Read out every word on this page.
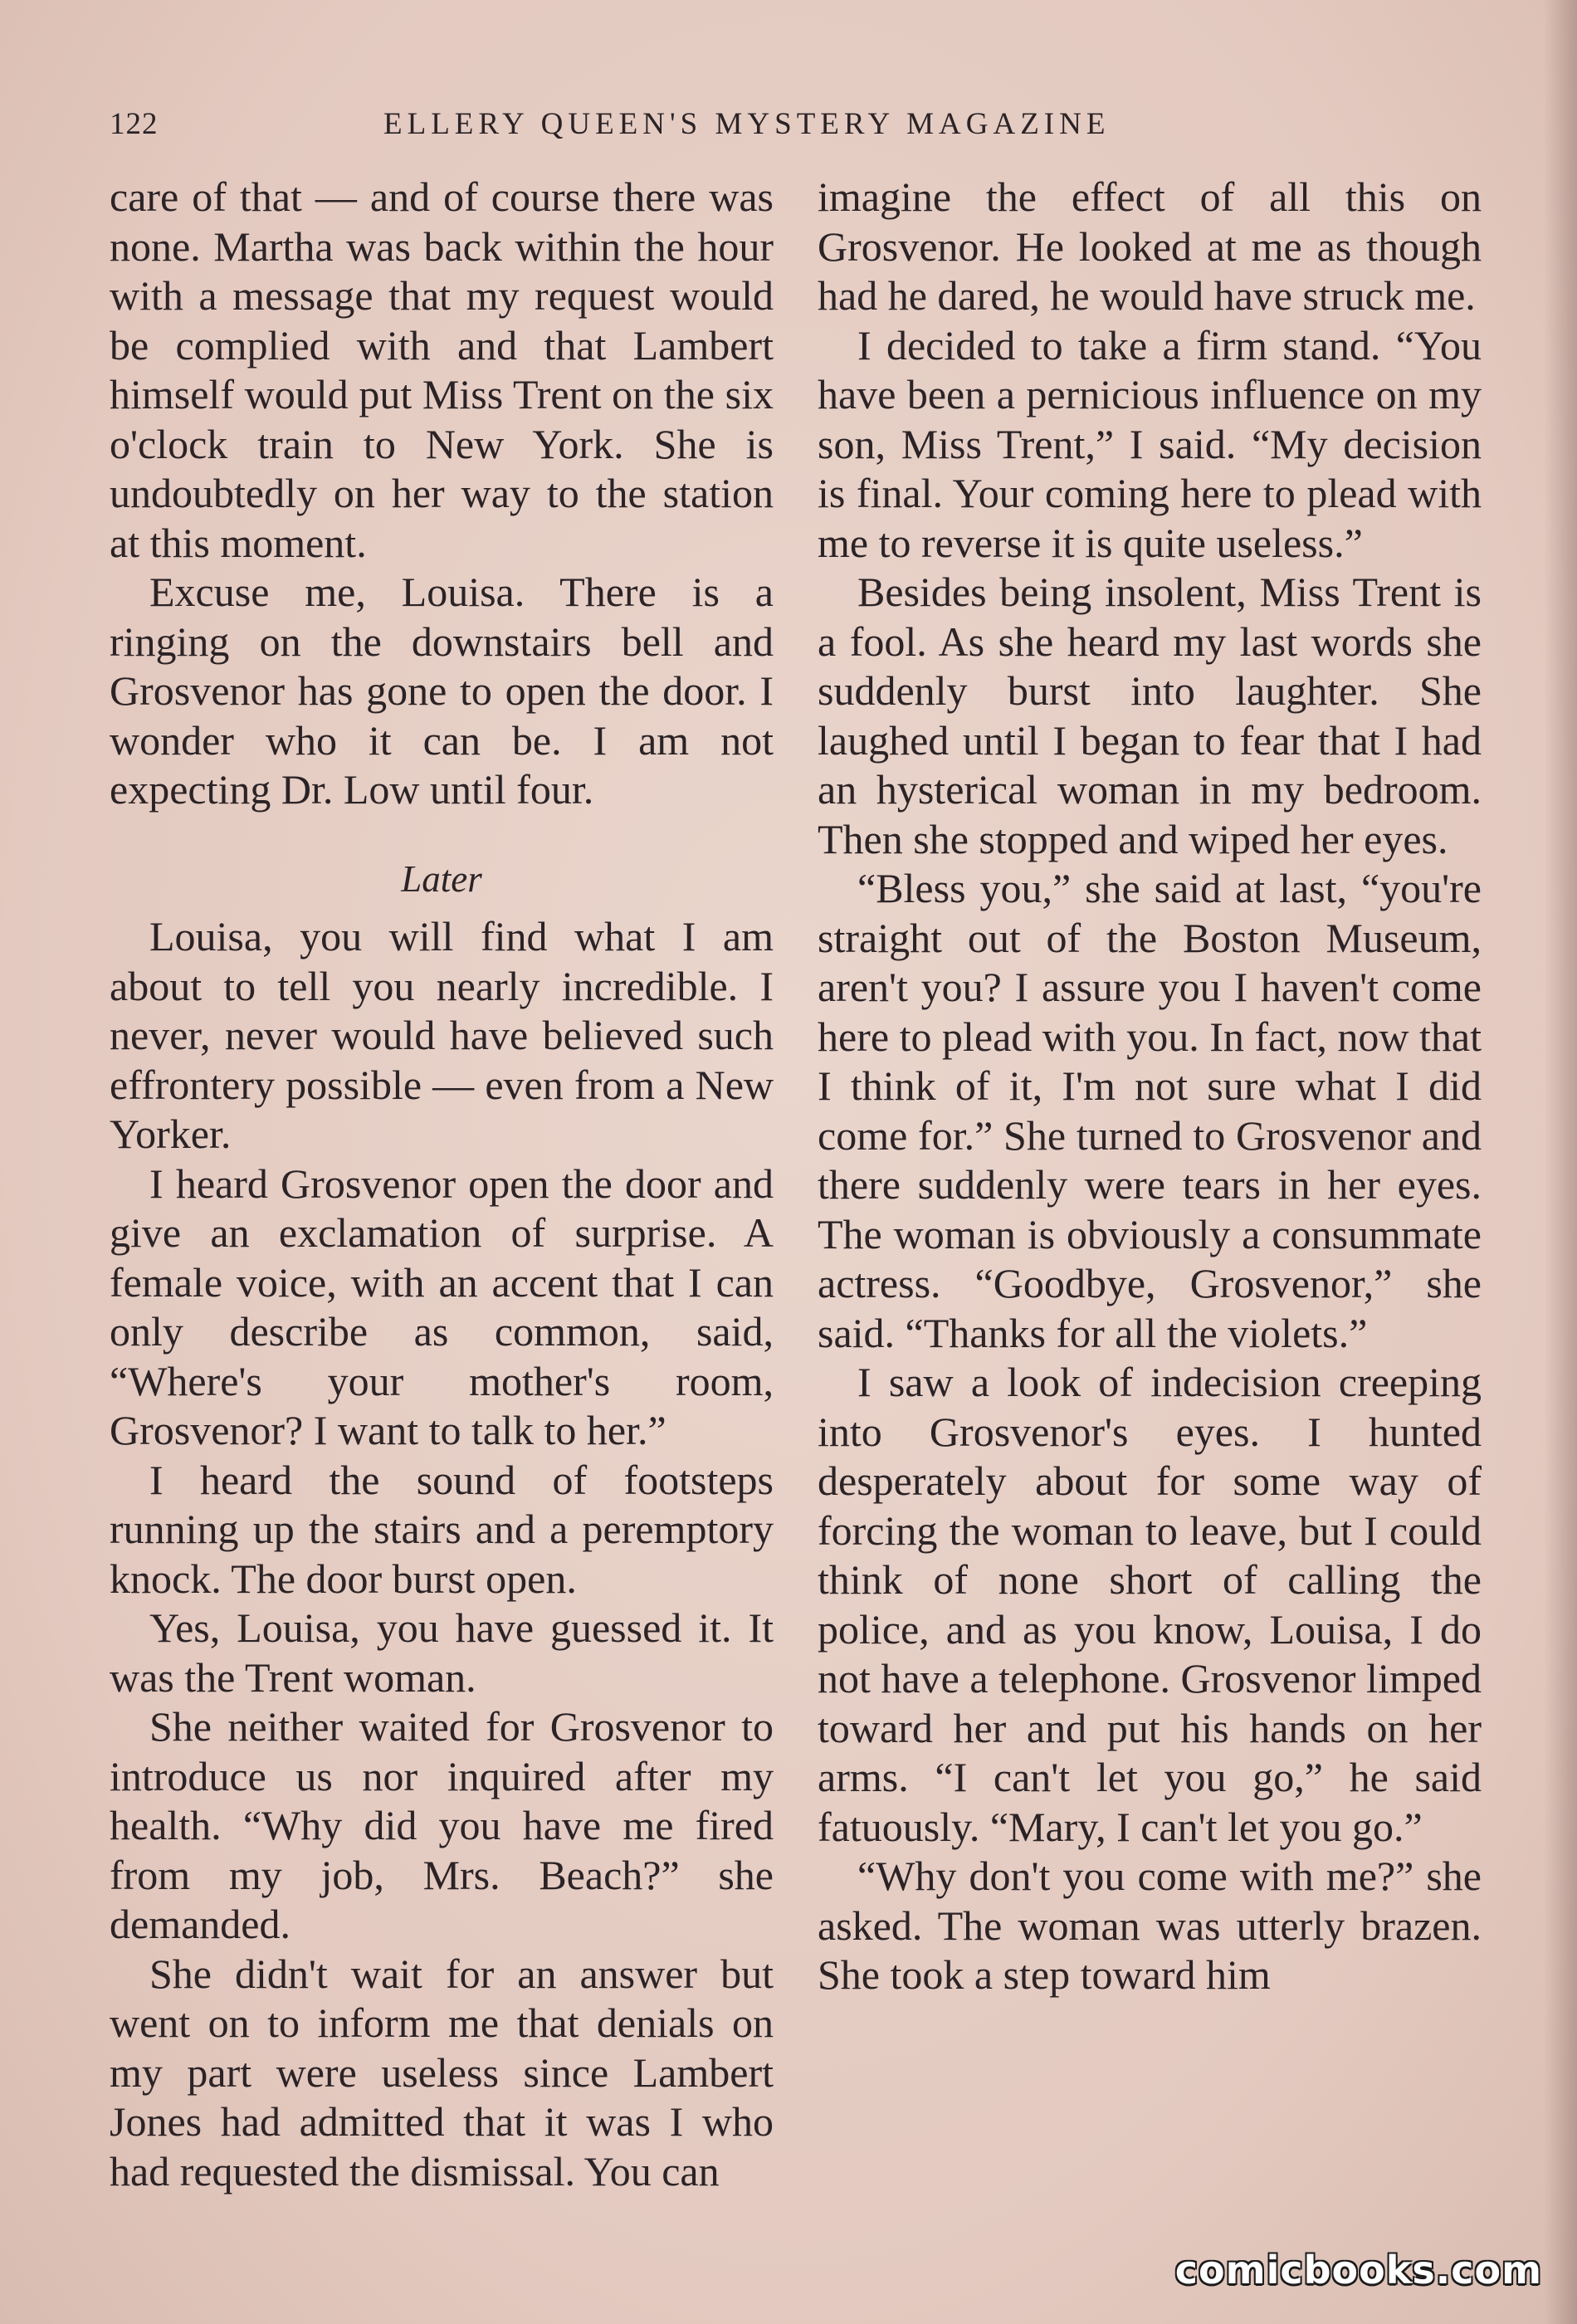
122	ELLERY QUEEN'S MYSTERY MAGAZINE

care of that — and of course there was none. Martha was back within the hour with a message that my request would be complied with and that Lambert himself would put Miss Trent on the six o'clock train to New York. She is undoubtedly on her way to the station at this moment.

Excuse me, Louisa. There is a ringing on the downstairs bell and Grosvenor has gone to open the door. I wonder who it can be. I am not expecting Dr. Low until four.

Later

Louisa, you will find what I am about to tell you nearly incredible. I never, never would have believed such effrontery possible — even from a New Yorker.

I heard Grosvenor open the door and give an exclamation of surprise. A female voice, with an accent that I can only describe as common, said, “Where's your mother's room, Grosvenor? I want to talk to her.”

I heard the sound of footsteps running up the stairs and a peremptory knock. The door burst open.

Yes, Louisa, you have guessed it. It was the Trent woman.

She neither waited for Grosvenor to introduce us nor inquired after my health. “Why did you have me fired from my job, Mrs. Beach?” she demanded.

She didn't wait for an answer but went on to inform me that denials on my part were useless since Lambert Jones had admitted that it was I who had requested the dismissal. You can

imagine the effect of all this on Grosvenor. He looked at me as though had he dared, he would have struck me.

I decided to take a firm stand. “You have been a pernicious influence on my son, Miss Trent,” I said. “My decision is final. Your coming here to plead with me to reverse it is quite useless.”

Besides being insolent, Miss Trent is a fool. As she heard my last words she suddenly burst into laughter. She laughed until I began to fear that I had an hysterical woman in my bedroom. Then she stopped and wiped her eyes.

“Bless you,” she said at last, “you're straight out of the Boston Museum, aren't you? I assure you I haven't come here to plead with you. In fact, now that I think of it, I'm not sure what I did come for.” She turned to Grosvenor and there suddenly were tears in her eyes. The woman is obviously a consummate actress. “Goodbye, Grosvenor,” she said. “Thanks for all the violets.”

I saw a look of indecision creeping into Grosvenor's eyes. I hunted desperately about for some way of forcing the woman to leave, but I could think of none short of calling the police, and as you know, Louisa, I do not have a telephone. Grosvenor limped toward her and put his hands on her arms. “I can't let you go,” he said fatuously. “Mary, I can't let you go.”

“Why don't you come with me?” she asked. The woman was utterly brazen. She took a step toward him

comicbooks.com
